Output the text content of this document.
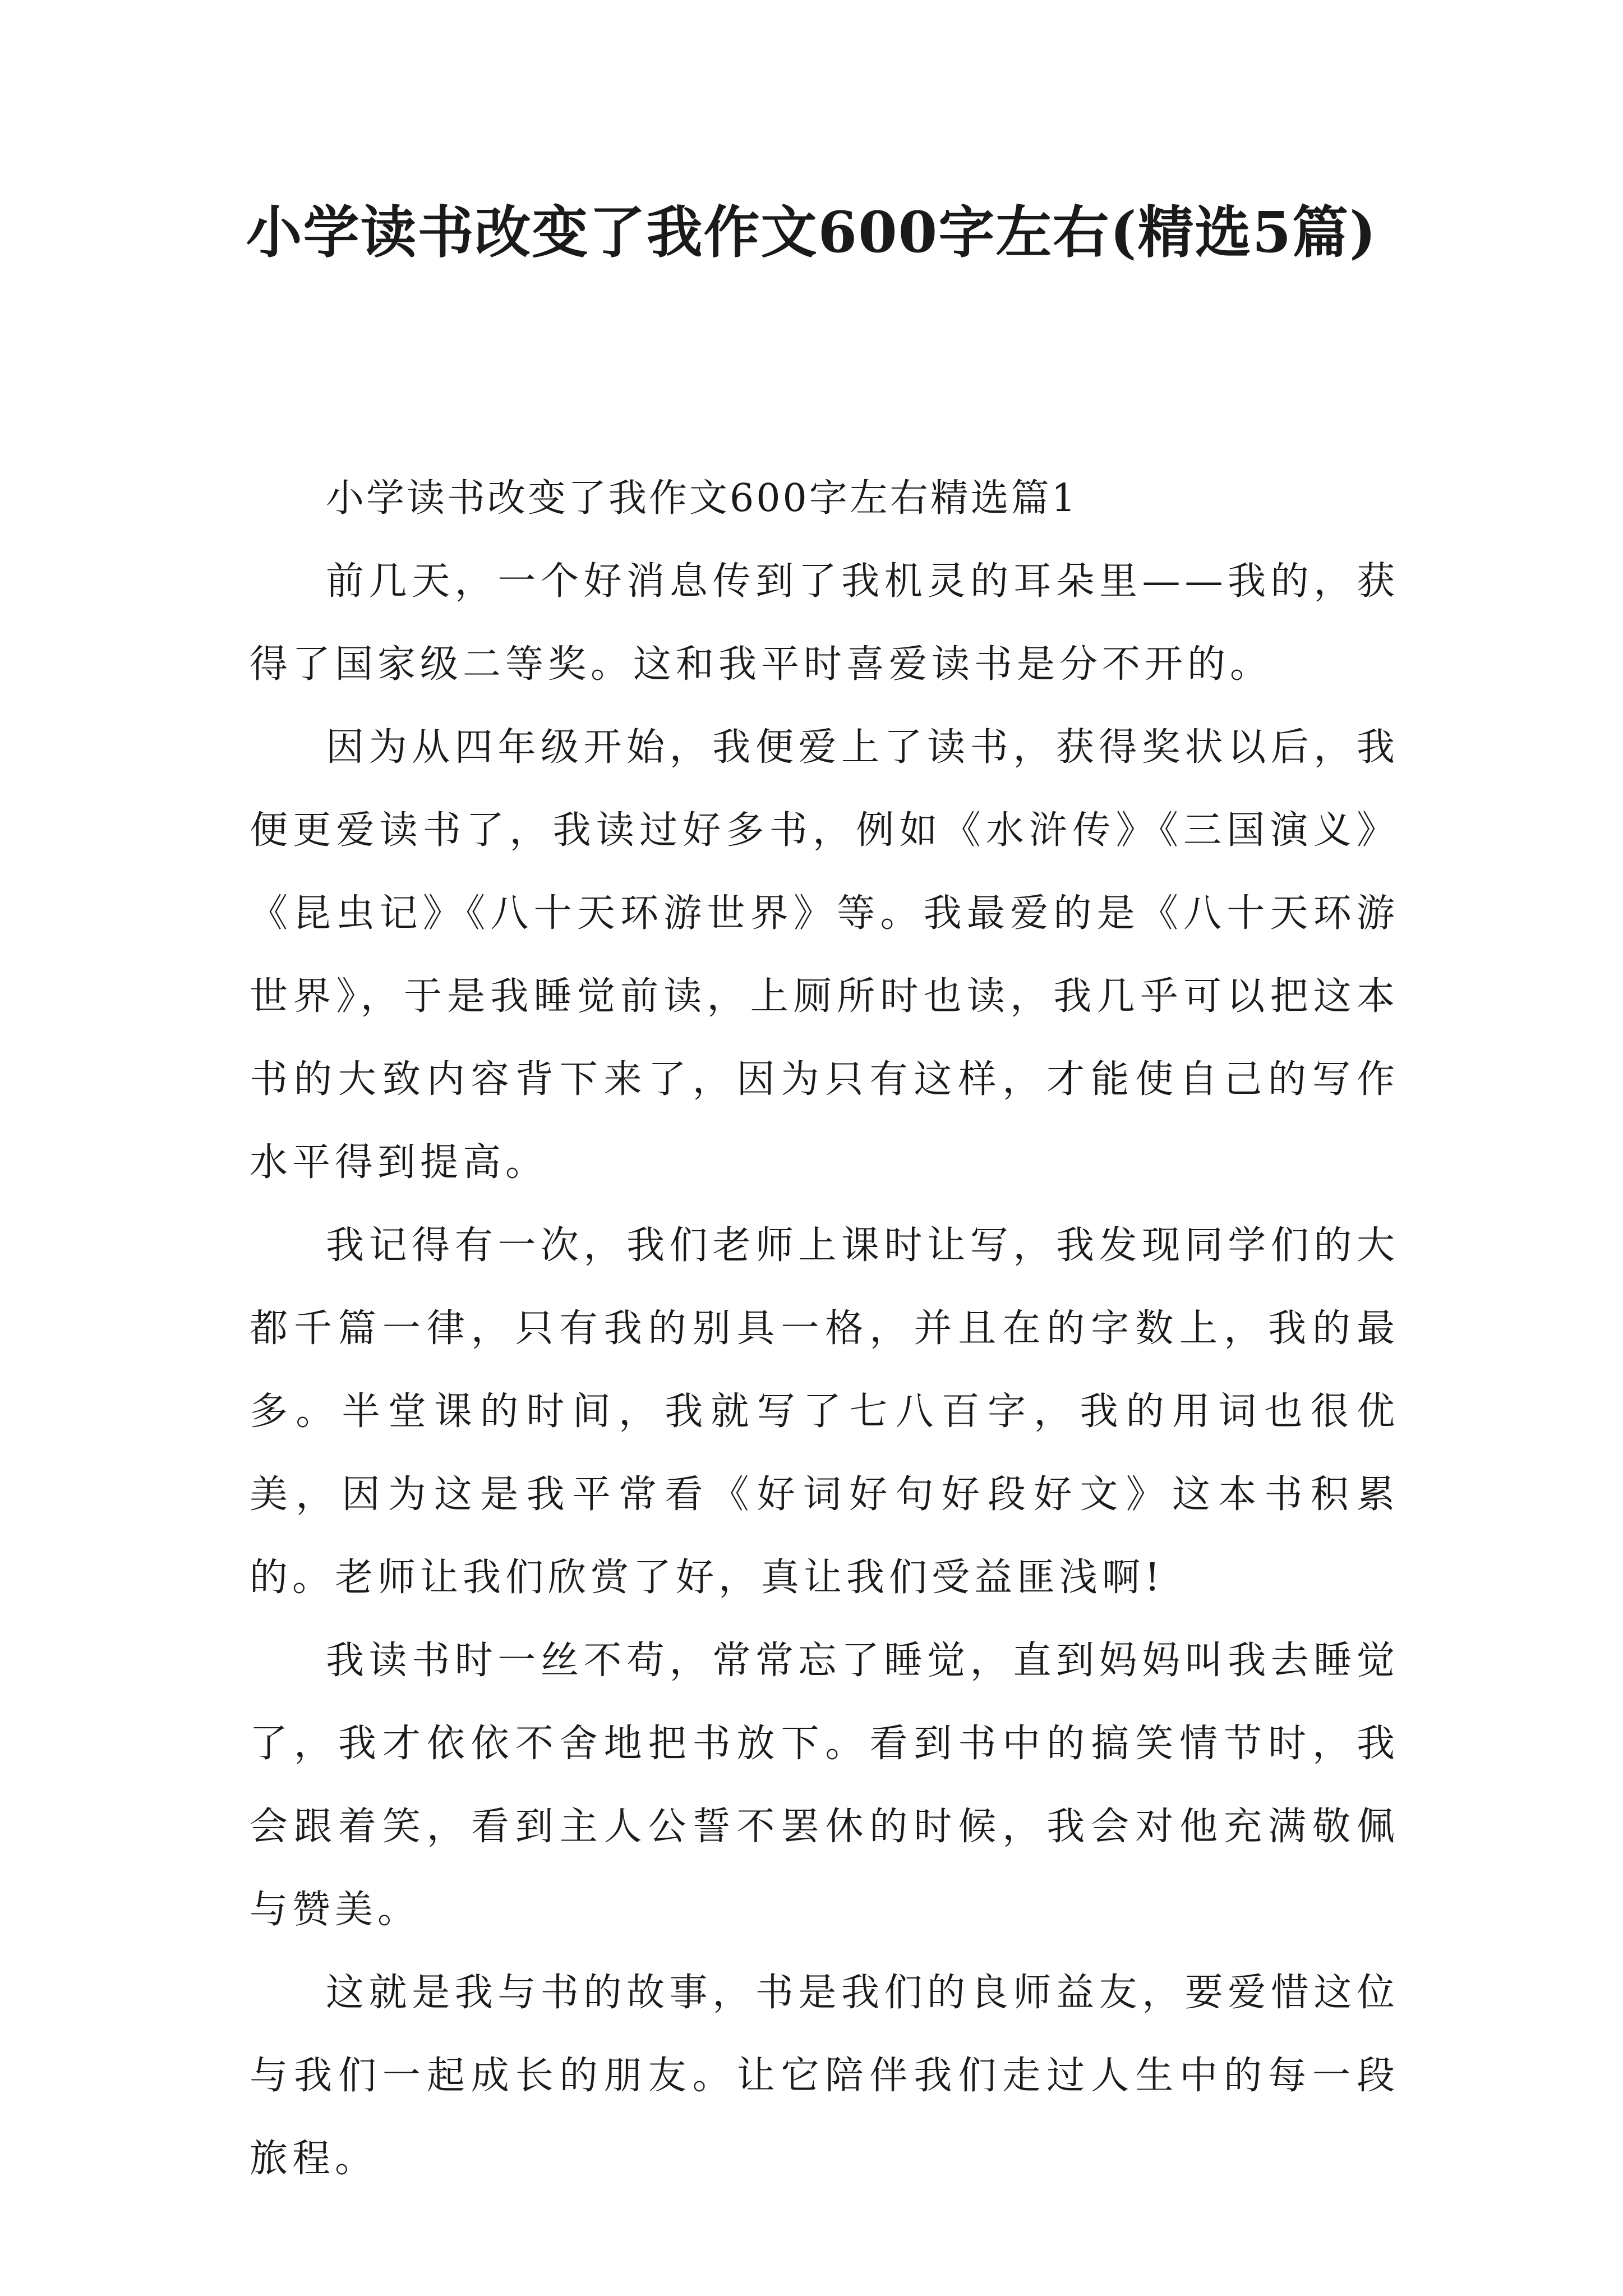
小学读书改变了我作文600字左右(精选5篇)

小学读书改变了我作文600字左右精选篇1

前几天，一个好消息传到了我机灵的耳朵里——我的，获得了国家级二等奖。这和我平时喜爱读书是分不开的。

因为从四年级开始，我便爱上了读书，获得奖状以后，我便更爱读书了，我读过好多书，例如《水浒传》《三国演义》《昆虫记》《八十天环游世界》等。我最爱的是《八十天环游世界》，于是我睡觉前读，上厕所时也读，我几乎可以把这本书的大致内容背下来了，因为只有这样，才能使自己的写作水平得到提高。

我记得有一次，我们老师上课时让写，我发现同学们的大都千篇一律，只有我的别具一格，并且在的字数上，我的最多。半堂课的时间，我就写了七八百字，我的用词也很优美，因为这是我平常看《好词好句好段好文》这本书积累的。老师让我们欣赏了好，真让我们受益匪浅啊!

我读书时一丝不苟，常常忘了睡觉，直到妈妈叫我去睡觉了，我才依依不舍地把书放下。看到书中的搞笑情节时，我会跟着笑，看到主人公誓不罢休的时候，我会对他充满敬佩与赞美。

这就是我与书的故事，书是我们的良师益友，要爱惜这位与我们一起成长的朋友。让它陪伴我们走过人生中的每一段旅程。
